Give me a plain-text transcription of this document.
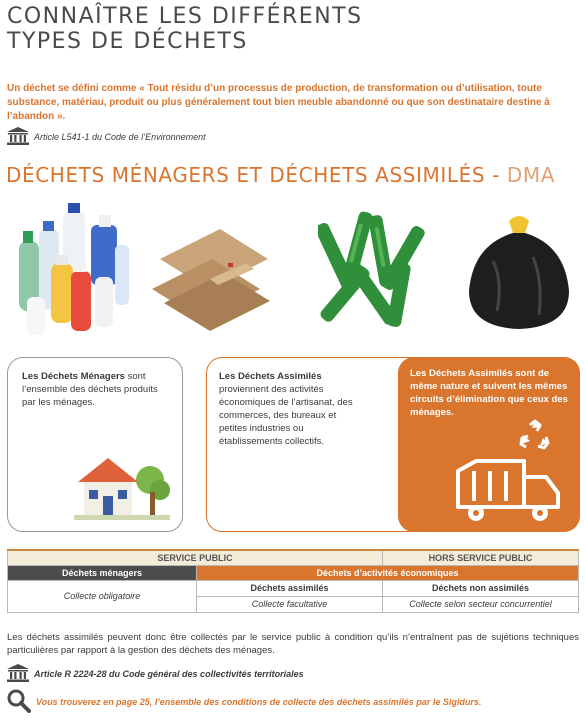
CONNAÎTRE LES DIFFÉRENTS
TYPES DE DÉCHETS
Un déchet se défini comme « Tout résidu d’un processus de production, de transformation ou d’utilisation, toute substance, matériau, produit ou plus généralement tout bien meuble abandonné ou que son destinataire destine à l’abandon ».
Article L541-1 du Code de l’Environnement
DÉCHETS MÉNAGERS ET DÉCHETS ASSIMILÉS - DMA
Les Déchets Ménagers sont l’ensemble des déchets produits par les ménages.
Les Déchets Assimilés proviennent des activités économiques de l’artisanat, des commerces, des bureaux et petites industries ou établissements collectifs.
Les Déchets Assimilés sont de même nature et suivent les mêmes circuits d’élimination que ceux des ménages.
SERVICE PUBLIC		HORS SERVICE PUBLIC
Déchets ménagers	Déchets d’activités économiques	
Collecte obligatoire	Déchets assimilés	Déchets non assimilés
	Collecte facultative	Collecte selon secteur concurrentiel
Les déchets assimilés peuvent donc être collectés par le service public à condition qu’ils n’entraînent pas de sujétions techniques particulières par rapport à la gestion des déchets des ménages.
Article R 2224-28 du Code général des collectivités territoriales
Vous trouverez en page 25, l’ensemble des conditions de collecte des déchets assimilés par le Sigidurs.
